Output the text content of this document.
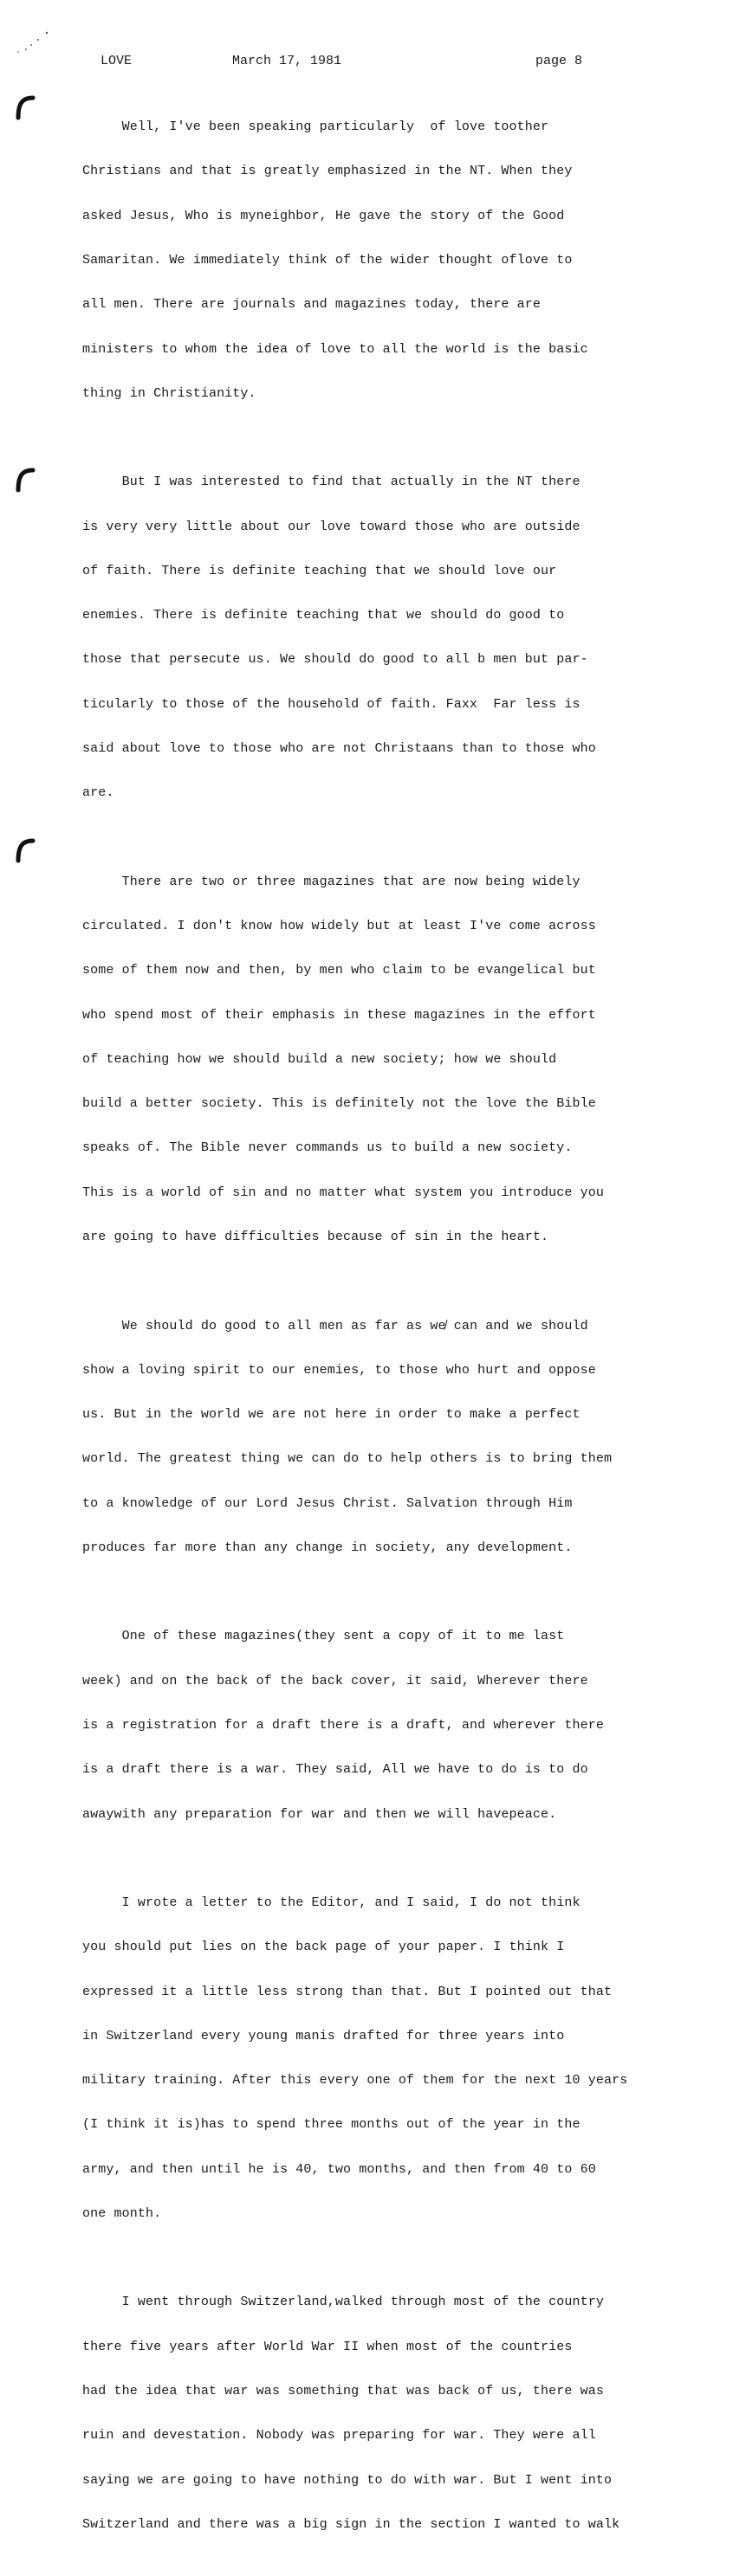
LOVE	March 17, 1981	page 8

Well, I've been speaking particularly  of love toother

Christians and that is greatly emphasized in the NT. When they

asked Jesus, Who is myneighbor, He gave the story of the Good

Samaritan. We immediately think of the wider thought oflove to

all men. There are journals and magazines today, there are

ministers to whom the idea of love to all the world is the basic

thing in Christianity.

But I was interested to find that actually in the NT there

is very very little about our love toward those who are outside

of faith. There is definite teaching that we should love our

enemies. There is definite teaching that we should do good to

those that persecute us. We should do good to all b men but par-

ticularly to those of the household of faith. Faxx  Far less is

said about love to those who are not Christaans than to those who

are.

There are two or three magazines that are now being widely

circulated. I don't know how widely but at least I've come across

some of them now and then, by men who claim to be evangelical but

who spend most of their emphasis in these magazines in the effort

of teaching how we should build a new society; how we should

build a better society. This is definitely not the love the Bible

speaks of. The Bible never commands us to build a new society.

This is a world of sin and no matter what system you introduce you

are going to have difficulties because of sin in the heart.

We should do good to all men as far as we̸ can and we should

show a loving spirit to our enemies, to those who hurt and oppose

us. But in the world we are not here in order to make a perfect

world. The greatest thing we can do to help others is to bring them

to a knowledge of our Lord Jesus Christ. Salvation through Him

produces far more than any change in society, any development.

One of these magazines(they sent a copy of it to me last

week) and on the back of the back cover, it said, Wherever there

is a registration for a draft there is a draft, and wherever there

is a draft there is a war. They said, All we have to do is to do

awaywith any preparation for war and then we will havepeace.

I wrote a letter to the Editor, and I said, I do not think

you should put lies on the back page of your paper. I think I

expressed it a little less strong than that. But I pointed out that

in Switzerland every young manis drafted for three years into

military training. After this every one of them for the next 10 years

(I think it is)has to spend three months out of the year in the

army, and then until he is 40, two months, and then from 40 to 60

one month.

I went through Switzerland,walked through most of the country

there five years after World War II when most of the countries

had the idea that war was something that was back of us, there was

ruin and devestation. Nobody was preparing for war. They were all

saying we are going to have nothing to do with war. But I went into

Switzerland and there was a big sign in the section I wanted to walk
